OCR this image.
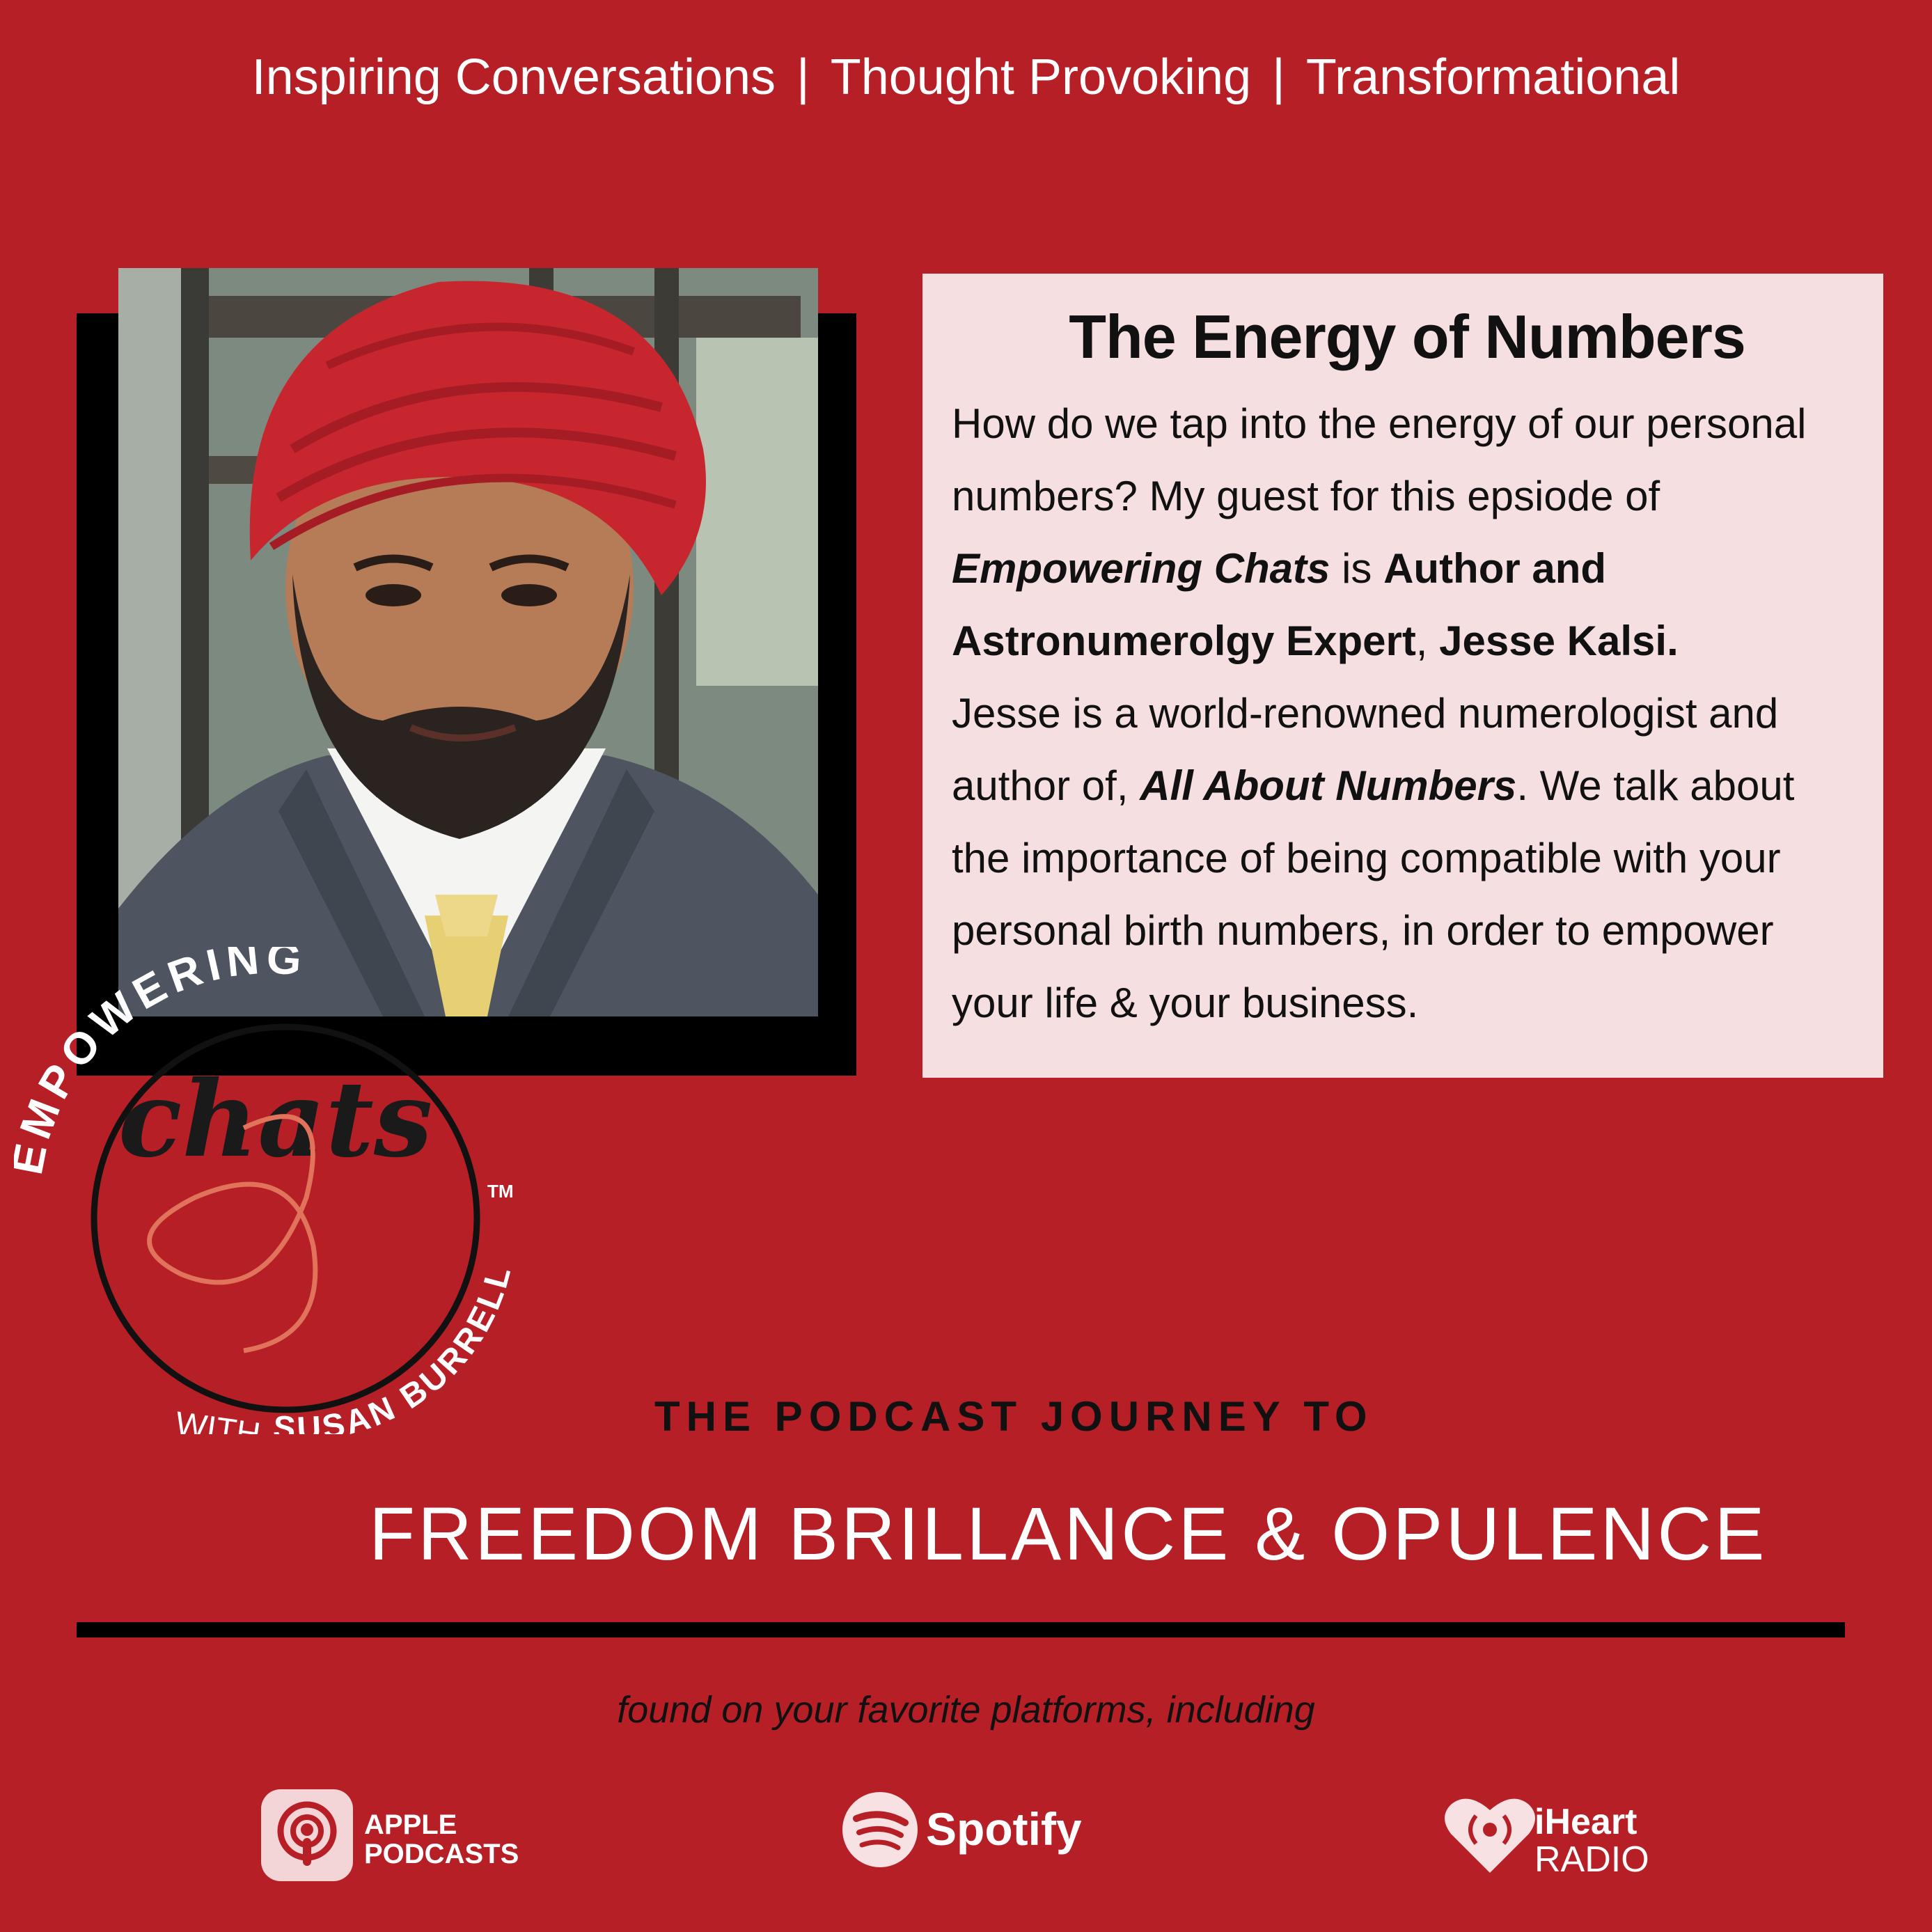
Inspiring Conversations | Thought Provoking | Transformational
The Energy of Numbers
How do we tap into the energy of our personal numbers? My guest for this epsiode of Empowering Chats is Author and Astronumerolgy Expert, Jesse Kalsi.
Jesse is a world-renowned numerologist and author of, All About Numbers. We talk about the importance of being compatible with your personal birth numbers, in order to empower your life & your business.
MPOWERING
chats
TM
WITH SUSAN BURRELL
THE PODCAST JOURNEY TO
FREEDOM BRILLANCE & OPULENCE
found on your favorite platforms, including
APPLE
PODCASTS	Spotify	iHeart
RADIO
